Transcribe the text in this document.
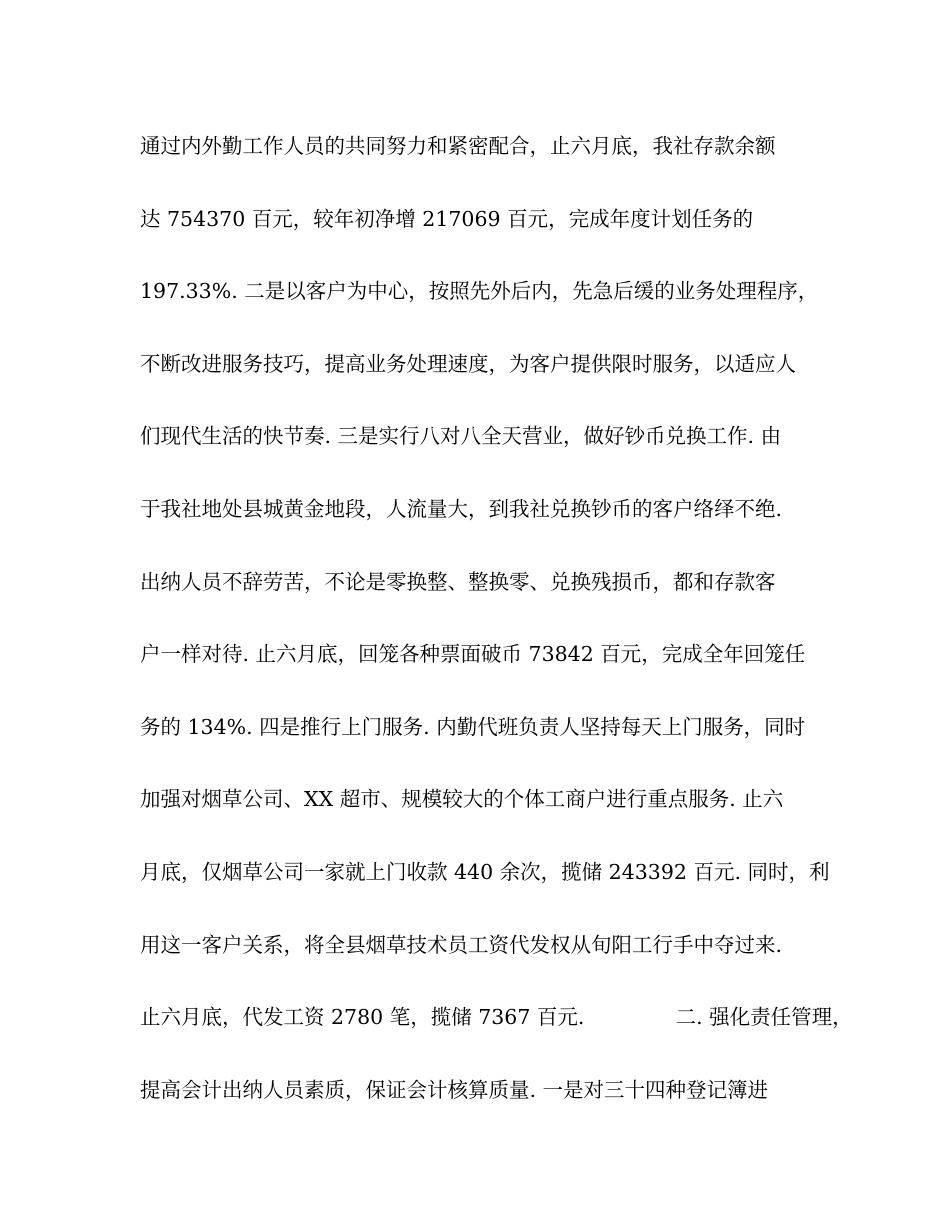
通过内外勤工作人员的共同努力和紧密配合，止六月底，我社存款余额
达 754370 百元，较年初净增 217069 百元，完成年度计划任务的
197.33%. 二是以客户为中心，按照先外后内，先急后缓的业务处理程序，
不断改进服务技巧，提高业务处理速度，为客户提供限时服务，以适应人
们现代生活的快节奏. 三是实行八对八全天营业，做好钞币兑换工作. 由
于我社地处县城黄金地段，人流量大，到我社兑换钞币的客户络绎不绝.
出纳人员不辞劳苦，不论是零换整、整换零、兑换残损币，都和存款客
户一样对待. 止六月底，回笼各种票面破币 73842 百元，完成全年回笼任
务的 134%. 四是推行上门服务. 内勤代班负责人坚持每天上门服务，同时
加强对烟草公司、XX 超市、规模较大的个体工商户进行重点服务. 止六
月底，仅烟草公司一家就上门收款 440 余次，揽储 243392 百元. 同时，利
用这一客户关系，将全县烟草技术员工资代发权从旬阳工行手中夺过来.
止六月底，代发工资 2780 笔，揽储 7367 百元.              二. 强化责任管理，
提高会计出纳人员素质，保证会计核算质量. 一是对三十四种登记簿进
